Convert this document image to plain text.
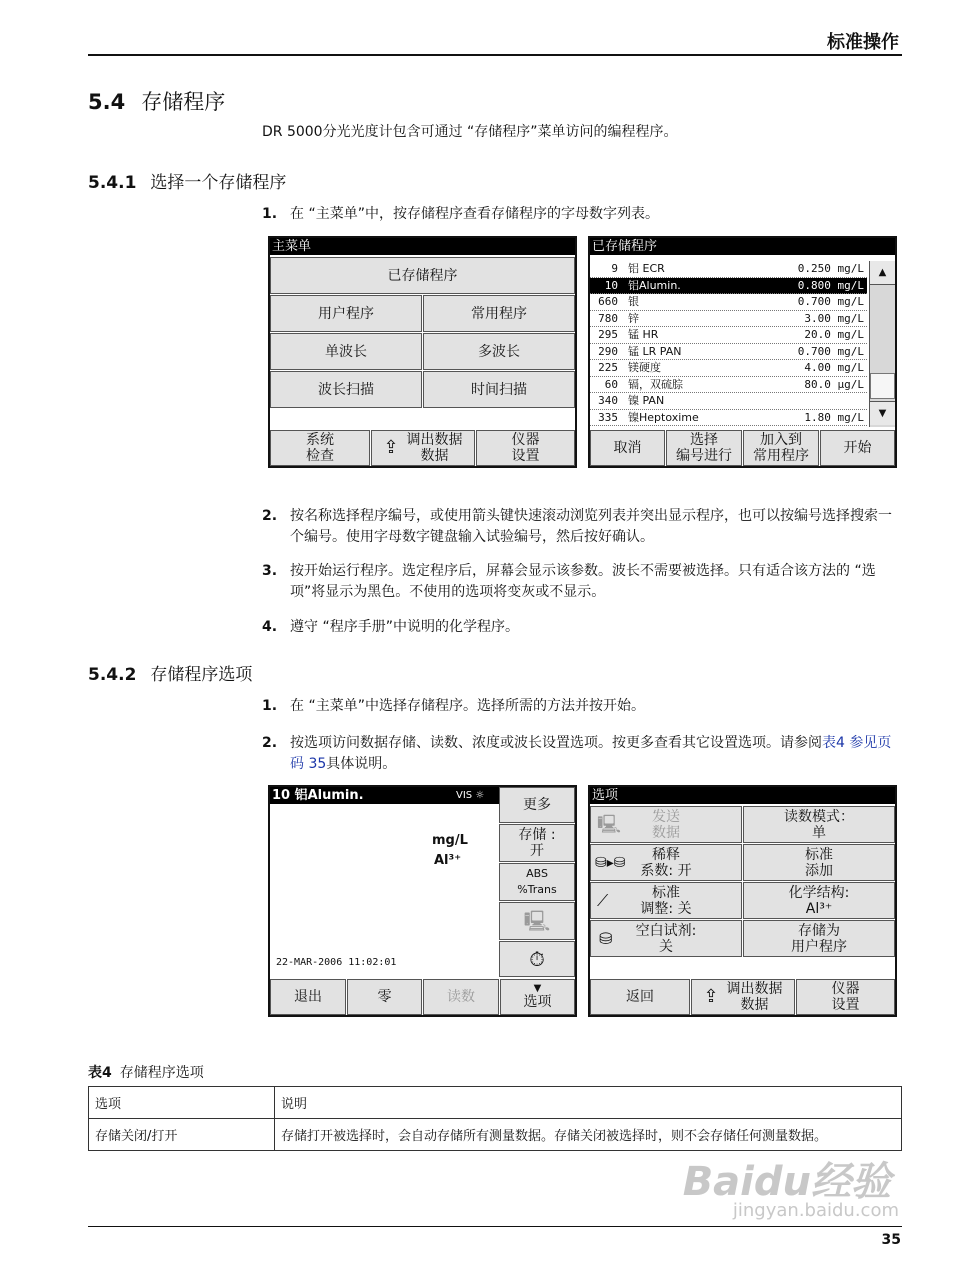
标准操作
5.4 存储程序
DR 5000分光光度计包含可通过 “存储程序”菜单访问的编程程序。
5.4.1 选择一个存储程序
1. 在 “主菜单”中，按存储程序查看存储程序的字母数字列表。
主菜单
已存储程序
用户程序	常用程序
单波长	多波长
波长扫描	时间扫描
系统
检查	⇪ 调出数据
数据
仪器
设置
已存储程序
9 铝 ECR	0.250 mg/L
10 铝Alumin.	0.800 mg/L
660 银	0.700 mg/L
780 锌	3.00 mg/L
295 锰 HR	20.0 mg/L
290 锰 LR PAN	0.700 mg/L
225 镁硬度	4.00 mg/L
60 镉，双硫腙	80.0 µg/L
340 镍 PAN
335 镍Heptoxime	1.80 mg/L
▲
▼
取消	选择
编号进行
加入到
常用程序	开始
2. 按名称选择程序编号，或使用箭头键快速滚动浏览列表并突出显示程序，也可以按编号选择搜索一个编号。使用字母数字键盘输入试验编号，然后按好确认。
3. 按开始运行程序。选定程序后，屏幕会显示该参数。波长不需要被选择。只有适合该方法的 “选项”将显示为黑色。不使用的选项将变灰或不显示。
4. 遵守 “程序手册”中说明的化学程序。
5.4.2 存储程序选项
1. 在 “主菜单”中选择存储程序。选择所需的方法并按开始。
2. 按选项访问数据存储、读数、浓度或波长设置选项。按更多查看其它设置选项。请参阅表4 参见页码 35具体说明。
10 铝Alumin.	VIS ☼
mg/L
Al³⁺
22-MAR-2006 11:02:01
更多
存储 :
开
ABS
%Trans
🖳
⏱
退出	零	读数
▼
选项
选项
🖳 发送
数据
读数模式：
单
⛁▸⛁	稀释
系数: 开
标准
添加
⟋	标准
调整: 关
化学结构:
Al³⁺
⛁ 空白试剂:
关
存储为
用户程序
返回	⇪ 调出数据
数据
仪器
设置
表4 存储程序选项
选项	说明
存储关闭/打开	存储打开被选择时，会自动存储所有测量数据。存储关闭被选择时，则不会存储任何测量数据。
Baidu经验
jingyan.baidu.com
35
